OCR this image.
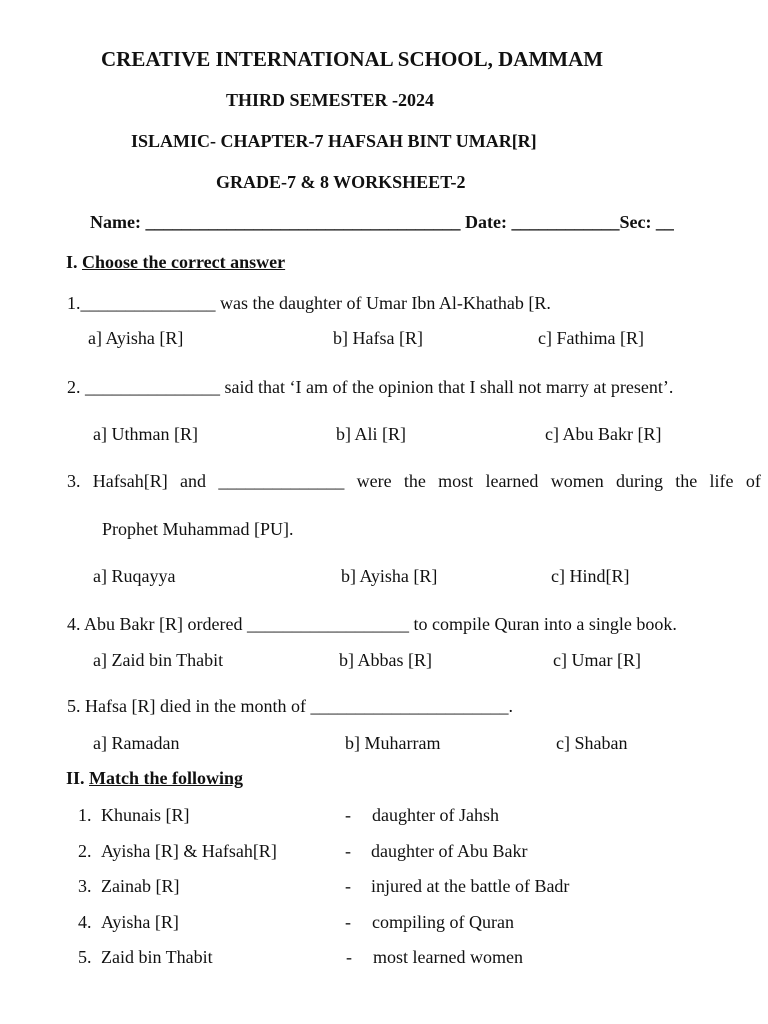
CREATIVE INTERNATIONAL SCHOOL, DAMMAM
THIRD SEMESTER -2024
ISLAMIC- CHAPTER-7 HAFSAH BINT UMAR[R]
GRADE-7 & 8 WORKSHEET-2
Name: ___________________________________ Date: ____________Sec: __
I. Choose the correct answer
1._______________ was the daughter of Umar Ibn Al-Khathab [R.
a] Ayisha [R]	b] Hafsa [R]	c] Fathima [R]
2. _______________ said that ‘I am of the opinion that I shall not marry at present’.
a] Uthman [R]	b] Ali [R]	c] Abu Bakr [R]
3. Hafsah[R] and ______________ were the most learned women during the life of
Prophet Muhammad [PU].
a] Ruqayya	b] Ayisha [R]	c] Hind[R]
4. Abu Bakr [R] ordered __________________ to compile Quran into a single book.
a] Zaid bin Thabit	b] Abbas [R]	c] Umar [R]
5. Hafsa [R] died in the month of ______________________.
a] Ramadan	b] Muharram	c] Shaban
II. Match the following
1. Khunais [R]	- daughter of Jahsh
2. Ayisha [R] & Hafsah[R]	- daughter of Abu Bakr
3. Zainab [R]	- injured at the battle of Badr
4. Ayisha [R]	- compiling of Quran
5. Zaid bin Thabit	- most learned women
